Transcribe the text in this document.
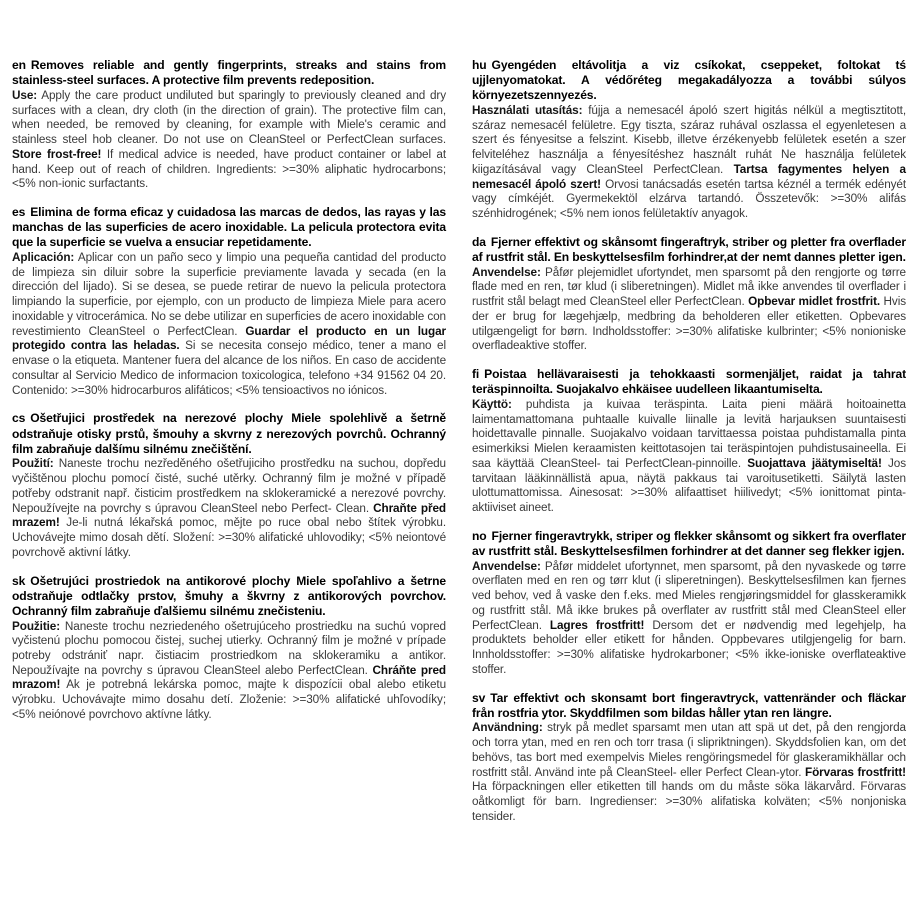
en Removes reliable and gently fingerprints, streaks and stains from stainless-steel surfaces. A protective film prevents redeposition.

Use: Apply the care product undiluted but sparingly to previously cleaned and dry surfaces with a clean, dry cloth (in the direction of grain). The protective film can, when needed, be removed by cleaning, for example with Miele's ceramic and stainless steel hob cleaner. Do not use on CleanSteel or PerfectClean surfaces. Store frost-free! If medical advice is needed, have product container or label at hand. Keep out of reach of children. Ingredients: >=30% aliphatic hydrocarbons; <5% non-ionic surfactants.

es Elimina de forma eficaz y cuidadosa las marcas de dedos, las rayas y las manchas de las superficies de acero inoxidable. La pelicula protectora evita que la superficie se vuelva a ensuciar repetidamente.

Aplicación: Aplicar con un paño seco y limpio una pequeña cantidad del producto de limpieza sin diluir sobre la superficie previamente lavada y secada (en la dirección del lijado). Si se desea, se puede retirar de nuevo la pelicula protectora limpiando la superficie, por ejemplo, con un producto de limpieza Miele para acero inoxidable y vitrocerámica. No se debe utilizar en superficies de acero inoxidable con revestimiento CleanSteel o PerfectClean. Guardar el producto en un lugar protegido contra las heladas. Si se necesita consejo médico, tener a mano el envase o la etiqueta. Mantener fuera del alcance de los niños. En caso de accidente consultar al Servicio Medico de informacion toxicologica, telefono +34 91562 04 20. Contenido: >=30% hidrocarburos alifáticos; <5% tensioactivos no iónicos.

cs Ošetřujici prostředek na nerezové plochy Miele spolehlivě a šetrně odstraňuje otisky prstů, šmouhy a skvrny z nerezových povrchů. Ochranný film zabraňuje dalšímu silnému znečištění.

Použití: Naneste trochu nezředěného ošetřujiciho prostředku na suchou, dopředu vyčištěnou plochu pomocí čisté, suché utěrky. Ochranný film je možné v případě potřeby odstranit např. čisticim prostředkem na sklokeramické a nerezové povrchy. Nepoužívejte na povrchy s úpravou CleanSteel nebo Perfect- Clean. Chraňte před mrazem! Je-li nutná lékařská pomoc, mějte po ruce obal nebo štítek výrobku. Uchovávejte mimo dosah dětí. Složení: >=30% alifatické uhlovodiky; <5% neiontové povrchově aktivní látky.

sk Ošetrujúci prostriedok na antikorové plochy Miele spoľahlivo a šetrne odstraňuje odtlačky prstov, šmuhy a škvrny z antikorových povrchov. Ochranný film zabraňuje ďalšiemu silnému znečisteniu.

Použitie: Naneste trochu nezriedeného ošetrujúceho prostriedku na suchú vopred vyčistenú plochu pomocou čistej, suchej utierky. Ochranný film je možné v prípade potreby odstrániť napr. čistiacim prostriedkom na sklokeramiku a antikor. Nepoužívajte na povrchy s úpravou CleanSteel alebo PerfectClean. Chráňte pred mrazom! Ak je potrebná lekárska pomoc, majte k dispozícii obal alebo etiketu výrobku. Uchovávajte mimo dosahu detí. Zloženie: >=30% alifatické uhľovodíky; <5% neiónové povrchovo aktívne látky.

hu Gyengéden eltávolitja a viz csíkokat, cseppeket, foltokat tś ujjlenyomatokat. A védőréteg megakadályozza a további súlyos környezetszennyezés.

Használati utasítás: fújja a nemesacél ápoló szert higitás nélkül a megtisztitott, száraz nemesacél felületre. Egy tiszta, száraz ruhával oszlassa el egyenletesen a szert és fényesitse a felszint. Kisebb, illetve érzékenyebb felületek esetén a szer felviteléhez használja a fényesítéshez használt ruhát Ne használja felületek kiigazításával vagy CleanSteel PerfectClean. Tartsa fagymentes helyen a nemesacél ápoló szert! Orvosi tanácsadás esetén tartsa kéznél a termék edényét vagy címkéjét. Gyermekektöl elzárva tartandó. Összetevők: >=30% alifás szénhidrogének; <5% nem ionos felületaktív anyagok.

da Fjerner effektivt og skånsomt fingeraftryk, striber og pletter fra overflader af rustfrit stål. En beskyttelsesfilm forhindrer,at der nemt dannes pletter igen.

Anvendelse: Påfør plejemidlet ufortyndet, men sparsomt på den rengjorte og tørre flade med en ren, tør klud (i sliberetningen). Midlet må ikke anvendes til overflader i rustfrit stål belagt med CleanSteel eller PerfectClean. Opbevar midlet frostfrit. Hvis der er brug for lægehjælp, medbring da beholderen eller etiketten. Opbevares utilgængeligt for børn. Indholdsstoffer: >=30% alifatiske kulbrinter; <5% nonioniske overfladeaktive stoffer.

fi Poistaa hellävaraisesti ja tehokkaasti sormenjäljet, raidat ja tahrat teräspinnoilta. Suojakalvo ehkäisee uudelleen likaantumiselta.

Käyttö: puhdista ja kuivaa teräspinta. Laita pieni määrä hoitoainetta laimentamattomana puhtaalle kuivalle liinalle ja levitä harjauksen suuntaisesti hoidettavalle pinnalle. Suojakalvo voidaan tarvittaessa poistaa puhdistamalla pinta esimerkiksi Mielen keraamisten keittotasojen tai teräspintojen puhdistusaineella. Ei saa käyttää CleanSteel- tai PerfectClean-pinnoille. Suojattava jäätymiseltä! Jos tarvitaan lääkinnällistä apua, näytä pakkaus tai varoitusetiketti. Säilytä lasten ulottumattomissa. Ainesosat: >=30% alifaattiset hiilivedyt; <5% ionittomat pinta-aktiiviset aineet.

no Fjerner fingeravtrykk, striper og flekker skånsomt og sikkert fra overflater av rustfritt stål. Beskyttelsesfilmen forhindrer at det danner seg flekker igjen.

Anvendelse: Påfør middelet ufortynnet, men sparsomt, på den nyvaskede og tørre overflaten med en ren og tørr klut (i sliperetningen). Beskyttelsesfilmen kan fjernes ved behov, ved å vaske den f.eks. med Mieles rengjøringsmiddel for glasskeramikk og rustfritt stål. Må ikke brukes på overflater av rustfritt stål med CleanSteel eller PerfectClean. Lagres frostfritt! Dersom det er nødvendig med legehjelp, ha produktets beholder eller etikett for hånden. Oppbevares utilgjengelig for barn. Innholdsstoffer: >=30% alifatiske hydrokarboner; <5% ikke-ioniske overflateaktive stoffer.

sv Tar effektivt och skonsamt bort fingeravtryck, vattenränder och fläckar från rostfria ytor. Skyddfilmen som bildas håller ytan ren längre.

Användning: stryk på medlet sparsamt men utan att spä ut det, på den rengjorda och torra ytan, med en ren och torr trasa (i slipriktningen). Skyddsfolien kan, om det behövs, tas bort med exempelvis Mieles rengöringsmedel för glaskeramikhällar och rostfritt stål. Använd inte på CleanSteel- eller Perfect Clean-ytor. Förvaras frostfritt! Ha förpackningen eller etiketten till hands om du måste söka läkarvård. Förvaras oåtkomligt för barn. Ingredienser: >=30% alifatiska kolväten; <5% nonjoniska tensider.
